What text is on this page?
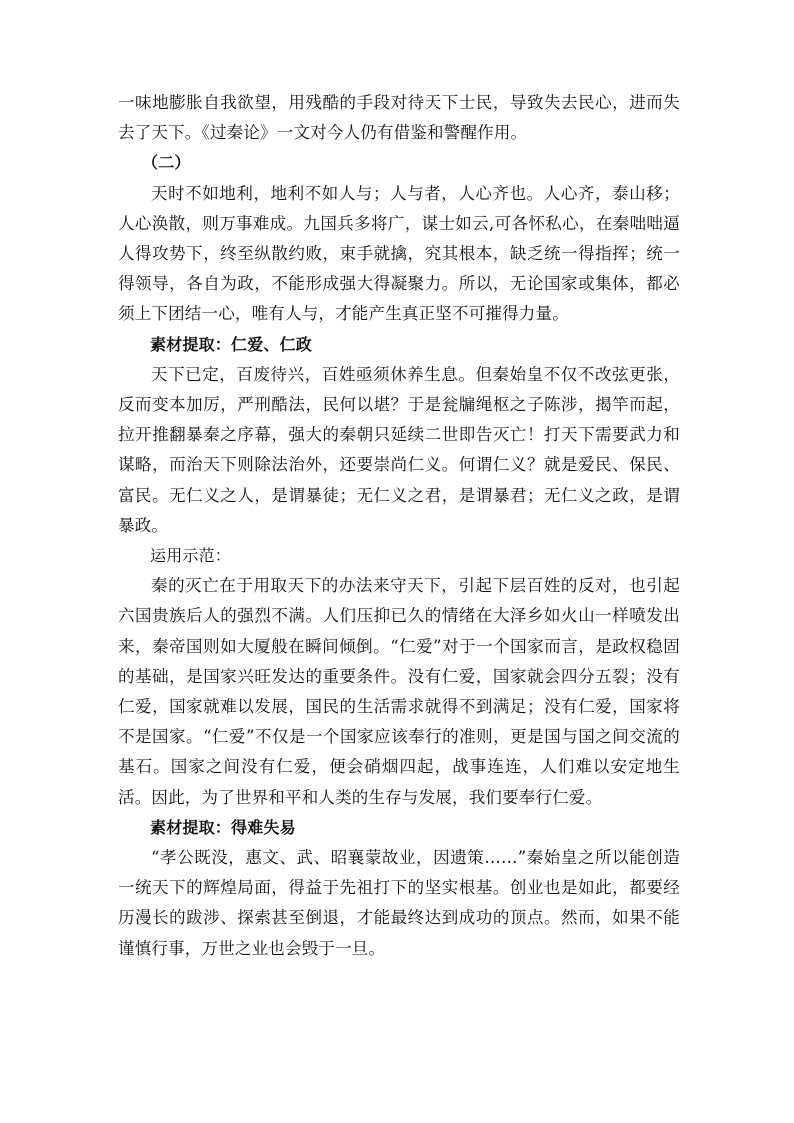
一味地膨胀自我欲望，用残酷的手段对待天下士民，导致失去民心，进而失去了天下。《过秦论》一文对今人仍有借鉴和警醒作用。

（二）

天时不如地利，地利不如人与；人与者，人心齐也。人心齐，泰山移；人心涣散，则万事难成。九国兵多将广，谋士如云,可各怀私心，在秦咄咄逼人得攻势下，终至纵散约败，束手就擒，究其根本，缺乏统一得指挥；统一得领导，各自为政，不能形成强大得凝聚力。所以，无论国家或集体，都必须上下团结一心，唯有人与，才能产生真正坚不可摧得力量。

素材提取：仁爱、仁政

天下已定，百废待兴，百姓亟须休养生息。但秦始皇不仅不改弦更张，反而变本加厉，严刑酷法，民何以堪？于是瓮牖绳枢之子陈涉，揭竿而起，拉开推翻暴秦之序幕，强大的秦朝只延续二世即告灭亡！打天下需要武力和谋略，而治天下则除法治外，还要崇尚仁义。何谓仁义？就是爱民、保民、富民。无仁义之人，是谓暴徒；无仁义之君，是谓暴君；无仁义之政，是谓暴政。

运用示范：

秦的灭亡在于用取天下的办法来守天下，引起下层百姓的反对，也引起六国贵族后人的强烈不满。人们压抑已久的情绪在大泽乡如火山一样喷发出来，秦帝国则如大厦般在瞬间倾倒。“仁爱”对于一个国家而言，是政权稳固的基础，是国家兴旺发达的重要条件。没有仁爱，国家就会四分五裂；没有仁爱，国家就难以发展，国民的生活需求就得不到满足；没有仁爱，国家将不是国家。“仁爱”不仅是一个国家应该奉行的准则，更是国与国之间交流的基石。国家之间没有仁爱，便会硝烟四起，战事连连，人们难以安定地生活。因此，为了世界和平和人类的生存与发展，我们要奉行仁爱。

素材提取：得难失易

“孝公既没，惠文、武、昭襄蒙故业，因遗策……”秦始皇之所以能创造一统天下的辉煌局面，得益于先祖打下的坚实根基。创业也是如此，都要经历漫长的跋涉、探索甚至倒退，才能最终达到成功的顶点。然而，如果不能谨慎行事，万世之业也会毁于一旦。
